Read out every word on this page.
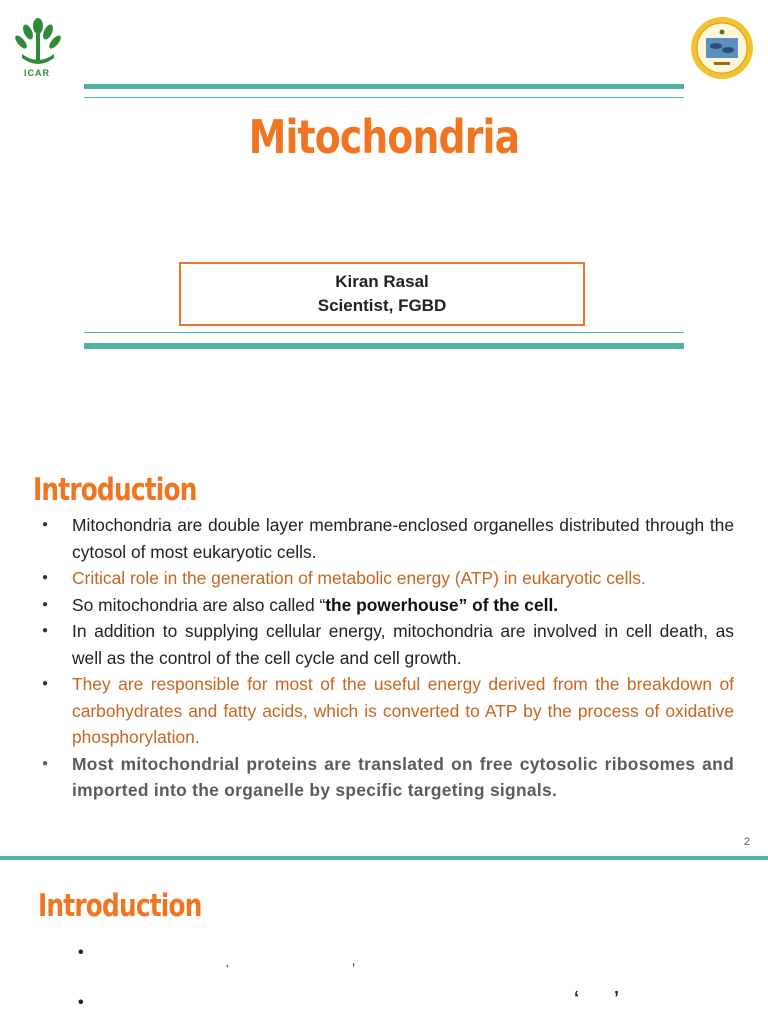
ICAR
Mitochondria
Kiran Rasal
Scientist, FGBD
Introduction
● Mitochondria are double layer membrane-enclosed organelles distributed through the cytosol of most eukaryotic cells.
● Critical role in the generation of metabolic energy (ATP) in eukaryotic cells.
● So mitochondria are also called “the powerhouse” of the cell.
● In addition to supplying cellular energy, mitochondria are involved in cell death, as well as the control of the cell cycle and cell growth.
● They are responsible for most of the useful energy derived from the breakdown of carbohydrates and fatty acids, which is converted to ATP by the process of oxidative phosphorylation.
● Most mitochondrial proteins are translated on free cytosolic ribosomes and imported into the organelle by specific targeting signals.
2
Introduction
•
‘	’
•	‘ ’
